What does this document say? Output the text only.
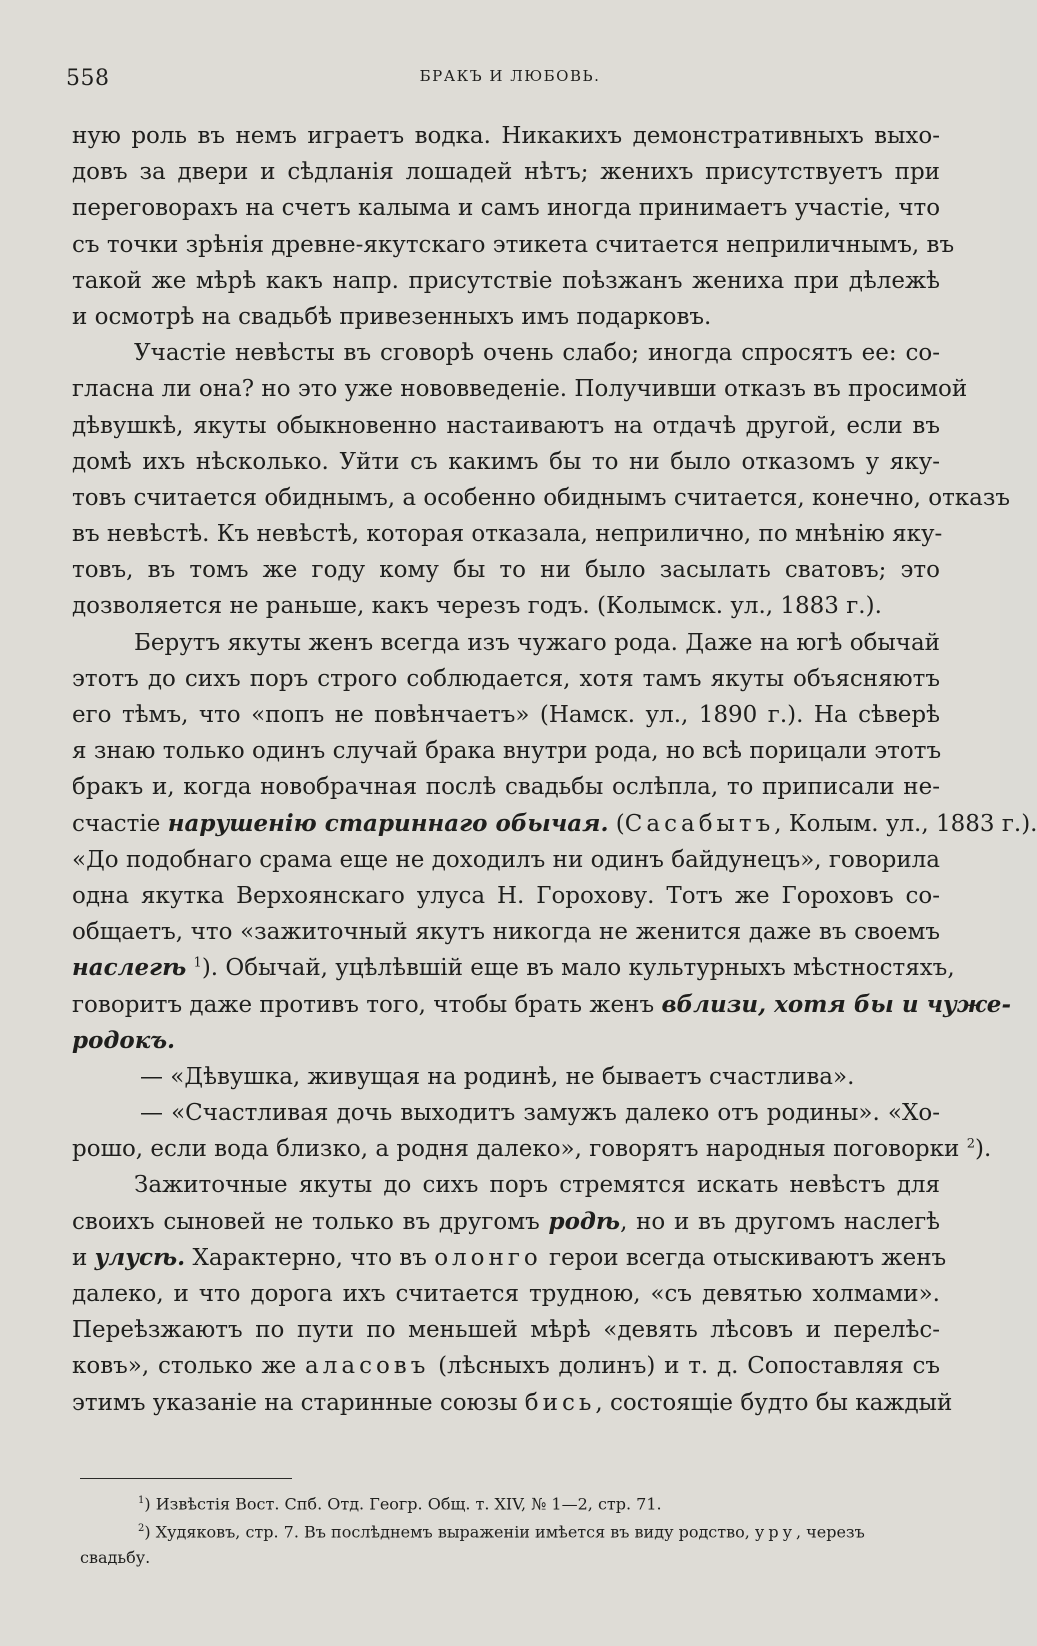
558	БРАКЪ И ЛЮБОВЬ.
ную роль въ немъ играетъ водка. Никакихъ демонстративныхъ выхо-
довъ за двери и сѣдланія лошадей нѣтъ; женихъ присутствуетъ при
переговорахъ на счетъ калыма и самъ иногда принимаетъ участіе, что
съ точки зрѣнія древне-якутскаго этикета считается неприличнымъ, въ
такой же мѣрѣ какъ напр. присутствіе поѣзжанъ жениха при дѣлежѣ
и осмотрѣ на свадьбѣ привезенныхъ имъ подарковъ.
Участіе невѣсты въ сговорѣ очень слабо; иногда спросятъ ее: со-
гласна ли она? но это уже нововведеніе. Получивши отказъ въ просимой
дѣвушкѣ, якуты обыкновенно настаиваютъ на отдачѣ другой, если въ
домѣ ихъ нѣсколько. Уйти съ какимъ бы то ни было отказомъ у яку-
товъ считается обиднымъ, а особенно обиднымъ считается, конечно, отказъ
въ невѣстѣ. Къ невѣстѣ, которая отказала, неприлично, по мнѣнію яку-
товъ, въ томъ же году кому бы то ни было засылать сватовъ; это
дозволяется не раньше, какъ черезъ годъ. (Колымск. ул., 1883 г.).
Берутъ якуты женъ всегда изъ чужаго рода. Даже на югѣ обычай
этотъ до сихъ поръ строго соблюдается, хотя тамъ якуты объясняютъ
его тѣмъ, что «попъ не повѣнчаетъ» (Намск. ул., 1890 г.). На сѣверѣ
я знаю только одинъ случай брака внутри рода, но всѣ порицали этотъ
бракъ и, когда новобрачная послѣ свадьбы ослѣпла, то приписали не-
счастіе нарушенію стариннаго обычая. (Сасабытъ, Колым. ул., 1883 г.).
«До подобнаго срама еще не доходилъ ни одинъ байдунецъ», говорила
одна якутка Верхоянскаго улуса Н. Горохову. Тотъ же Гороховъ со-
общаетъ, что «зажиточный якутъ никогда не женится даже въ своемъ
наслегѣ $^1$). Обычай, уцѣлѣвшій еще въ мало культурныхъ мѣстностяхъ,
говоритъ даже противъ того, чтобы брать женъ вблизи, хотя бы и чуже-
родокъ.
— «Дѣвушка, живущая на родинѣ, не бываетъ счастлива».
— «Счастливая дочь выходитъ замужъ далеко отъ родины». «Хо-
рошо, если вода близко, а родня далеко», говорятъ народныя поговорки $^2$).
Зажиточные якуты до сихъ поръ стремятся искать невѣстъ для
своихъ сыновей не только въ другомъ родѣ, но и въ другомъ наслегѣ
и улусѣ. Характерно, что въ олонго герои всегда отыскиваютъ женъ
далеко, и что дорога ихъ считается трудною, «съ девятью холмами».
Переѣзжаютъ по пути по меньшей мѣрѣ «девять лѣсовъ и перелѣс-
ковъ», столько же аласовъ (лѣсныхъ долинъ) и т. д. Сопоставляя съ
этимъ указаніе на старинные союзы бись, состоящіе будто бы каждый
$^1$) Извѣстія Вост. Спб. Отд. Геогр. Общ. т. XIV, № 1—2, стр. 71.
$^2$) Худяковъ, стр. 7. Въ послѣднемъ выраженіи имѣется въ виду родство, уру, черезъ
свадьбу.
